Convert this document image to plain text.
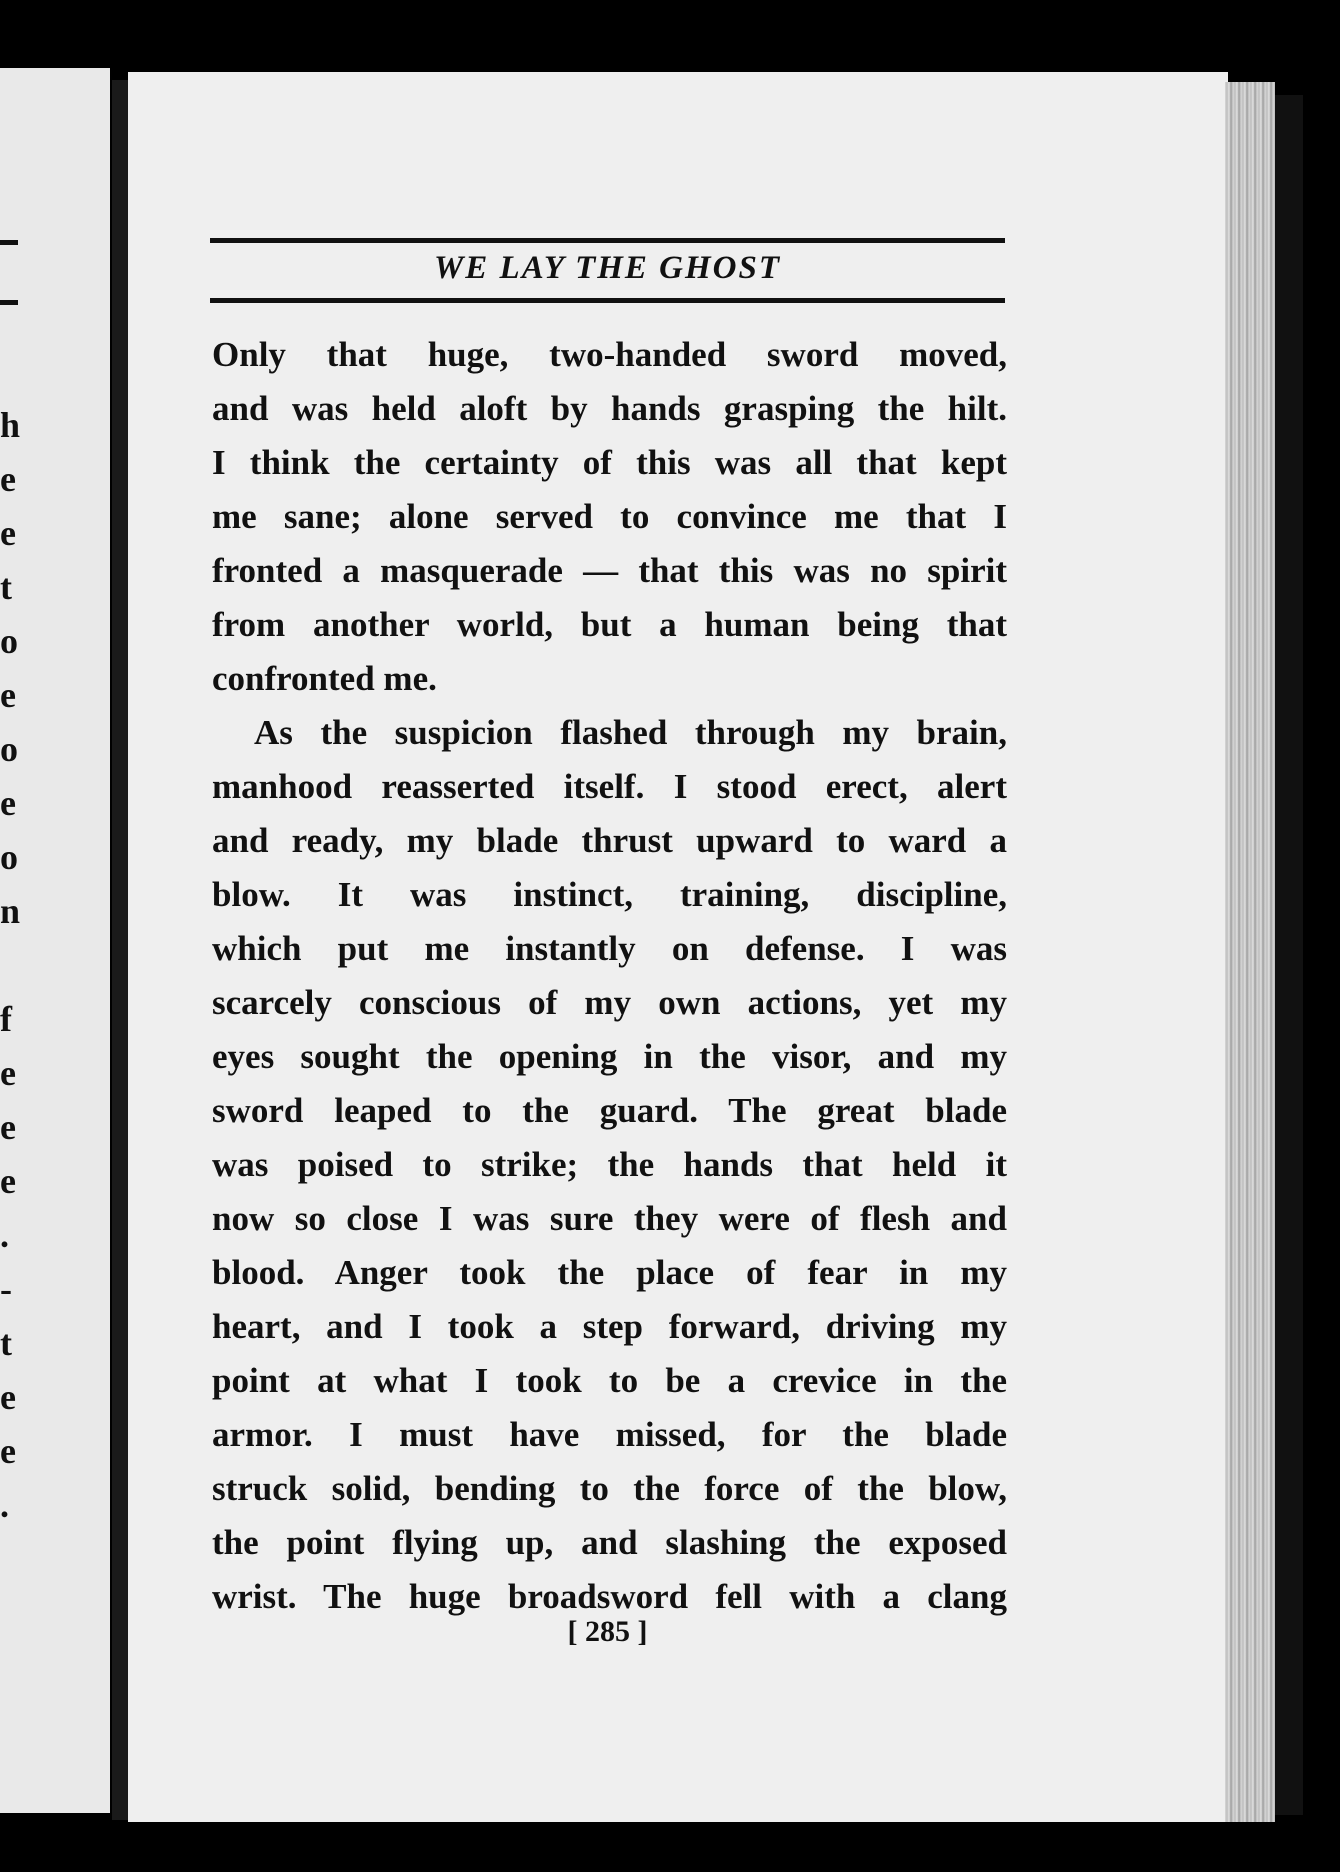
h
e
e
t
o
e
o
e
o
n
f
e
e
e
.
-
t
e
e
.
WE LAY THE GHOST

Only that huge, two-handed sword moved,

and was held aloft by hands grasping the hilt.

I think the certainty of this was all that kept

me sane; alone served to convince me that I

fronted a masquerade — that this was no spirit

from another world, but a human being that

confronted me.

As the suspicion flashed through my brain,

manhood reasserted itself. I stood erect, alert

and ready, my blade thrust upward to ward a

blow. It was instinct, training, discipline,

which put me instantly on defense. I was

scarcely conscious of my own actions, yet my

eyes sought the opening in the visor, and my

sword leaped to the guard. The great blade

was poised to strike; the hands that held it

now so close I was sure they were of flesh and

blood. Anger took the place of fear in my

heart, and I took a step forward, driving my

point at what I took to be a crevice in the

armor. I must have missed, for the blade

struck solid, bending to the force of the blow,

the point flying up, and slashing the exposed

wrist. The huge broadsword fell with a clang

[ 285 ]
